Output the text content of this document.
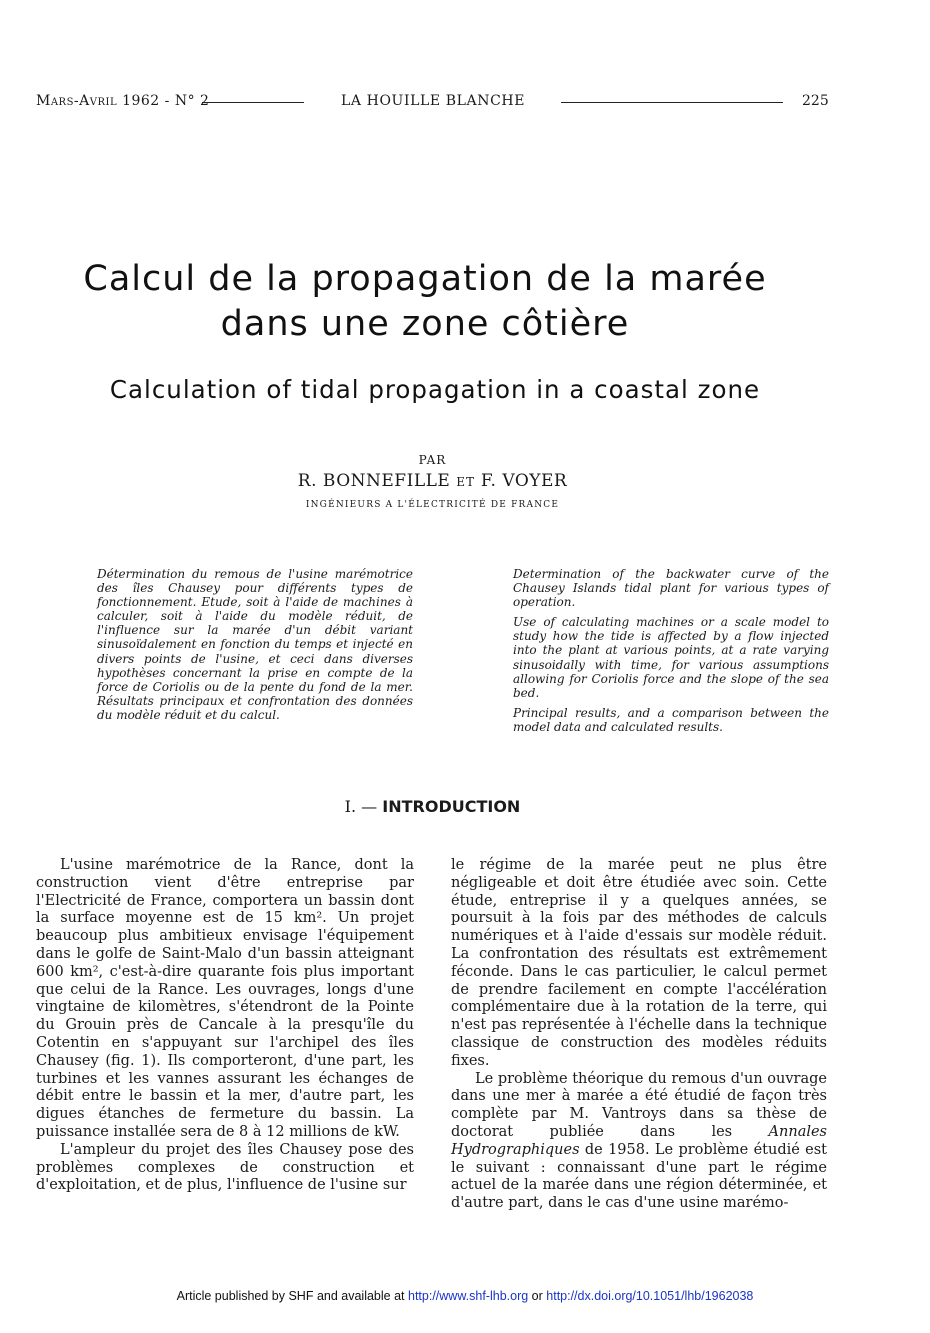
Mars-Avril 1962 - N° 2	LA HOUILLE BLANCHE	225
Calcul de la propagation de la marée
dans une zone côtière
Calculation of tidal propagation in a coastal zone
PAR
R. BONNEFILLE ET F. VOYER
INGÉNIEURS A L'ÉLECTRICITÉ DE FRANCE

Détermination du remous de l'usine marémotrice des îles Chausey pour différents types de fonctionnement. Etude, soit à l'aide de machines à calculer, soit à l'aide du modèle réduit, de l'influence sur la marée d'un débit variant sinusoïdalement en fonction du temps et injecté en divers points de l'usine, et ceci dans diverses hypothèses concernant la prise en compte de la force de Coriolis ou de la pente du fond de la mer. Résultats principaux et confrontation des données du modèle réduit et du calcul.

Determination of the backwater curve of the Chausey Islands tidal plant for various types of operation.

Use of calculating machines or a scale model to study how the tide is affected by a flow injected into the plant at various points, at a rate varying sinusoidally with time, for various assumptions allowing for Coriolis force and the slope of the sea bed.

Principal results, and a comparison between the model data and calculated results.

I. — INTRODUCTION

L'usine marémotrice de la Rance, dont la construction vient d'être entreprise par l'Electricité de France, comportera un bassin dont la surface moyenne est de 15 km². Un projet beaucoup plus ambitieux envisage l'équipement dans le golfe de Saint-Malo d'un bassin atteignant 600 km², c'est-à-dire quarante fois plus important que celui de la Rance. Les ouvrages, longs d'une vingtaine de kilomètres, s'étendront de la Pointe du Grouin près de Cancale à la presqu'île du Cotentin en s'appuyant sur l'archipel des îles Chausey (fig. 1). Ils comporteront, d'une part, les turbines et les vannes assurant les échanges de débit entre le bassin et la mer, d'autre part, les digues étanches de fermeture du bassin. La puissance installée sera de 8 à 12 millions de kW.

L'ampleur du projet des îles Chausey pose des problèmes complexes de construction et d'exploitation, et de plus, l'influence de l'usine sur

le régime de la marée peut ne plus être négligeable et doit être étudiée avec soin. Cette étude, entreprise il y a quelques années, se poursuit à la fois par des méthodes de calculs numériques et à l'aide d'essais sur modèle réduit. La confrontation des résultats est extrêmement féconde. Dans le cas particulier, le calcul permet de prendre facilement en compte l'accélération complémentaire due à la rotation de la terre, qui n'est pas représentée à l'échelle dans la technique classique de construction des modèles réduits fixes.

Le problème théorique du remous d'un ouvrage dans une mer à marée a été étudié de façon très complète par M. Vantroys dans sa thèse de doctorat publiée dans les Annales Hydrographiques de 1958. Le problème étudié est le suivant : connaissant d'une part le régime actuel de la marée dans une région déterminée, et d'autre part, dans le cas d'une usine marémo-

Article published by SHF and available at http://www.shf-lhb.org or http://dx.doi.org/10.1051/lhb/1962038
